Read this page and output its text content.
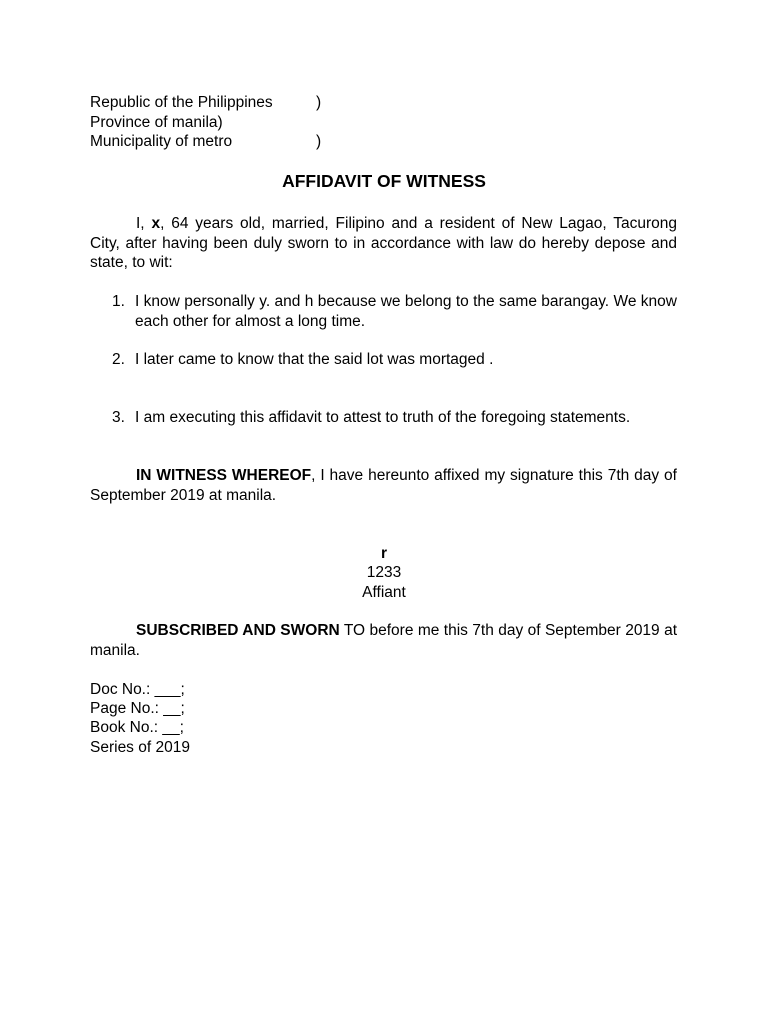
Republic of the Philippines	)
Province of manila)
Municipality of metro	)
AFFIDAVIT OF WITNESS
I, x, 64 years old, married, Filipino and a resident of New Lagao, Tacurong City, after having been duly sworn to in accordance with law do hereby depose and state, to wit:
1. I know personally y. and h because we belong to the same barangay. We know each other for almost a long time.
2. I later came to know that the said lot was mortaged .
3. I am executing this affidavit to attest to truth of the foregoing statements.
IN WITNESS WHEREOF, I have hereunto affixed my signature this 7th day of September 2019 at manila.
r
1233
Affiant
SUBSCRIBED AND SWORN TO before me this 7th day of September 2019 at manila.
Doc No.: ___;
Page No.: __;
Book No.: __;
Series of 2019
